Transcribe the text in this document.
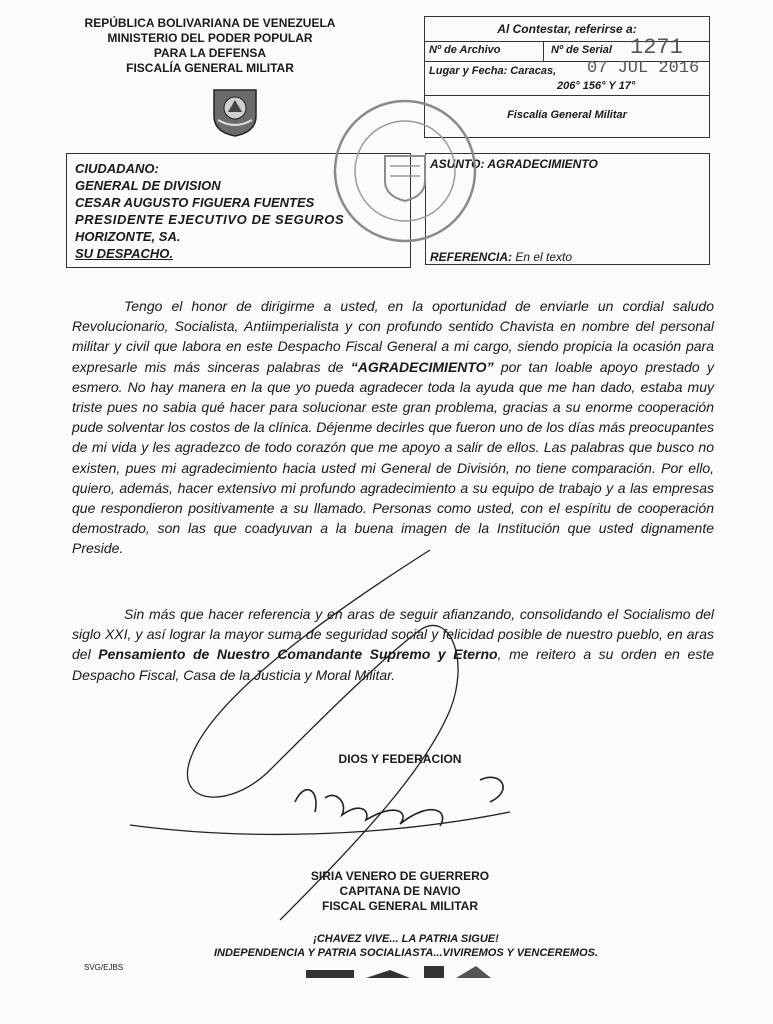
REPÚBLICA BOLIVARIANA DE VENEZUELA
MINISTERIO DEL PODER POPULAR
PARA LA DEFENSA
FISCALÍA GENERAL MILITAR
Al Contestar, referirse a:
Nº de Archivo	Nº de Serial 1271
Lugar y Fecha: Caracas, 07 JUL 2016
206° 156° Y 17°
Fiscalía General Militar
CIUDADANO:
GENERAL DE DIVISION
CESAR AUGUSTO FIGUERA FUENTES
PRESIDENTE EJECUTIVO DE SEGUROS
HORIZONTE, SA.
SU DESPACHO.
ASUNTO: AGRADECIMIENTO
REFERENCIA: En el texto

Tengo el honor de dirigirme a usted, en la oportunidad de enviarle un cordial saludo Revolucionario, Socialista, Antiimperialista y con profundo sentido Chavista en nombre del personal militar y civil que labora en este Despacho Fiscal General a mi cargo, siendo propicia la ocasión para expresarle mis más sinceras palabras de “AGRADECIMIENTO” por tan loable apoyo prestado y esmero. No hay manera en la que yo pueda agradecer toda la ayuda que me han dado, estaba muy triste pues no sabia qué hacer para solucionar este gran problema, gracias a su enorme cooperación pude solventar los costos de la clínica. Déjenme decirles que fueron uno de los días más preocupantes de mi vida y les agradezco de todo corazón que me apoyo a salir de ellos. Las palabras que busco no existen, pues mi agradecimiento hacia usted mi General de División, no tiene comparación. Por ello, quiero, además, hacer extensivo mi profundo agradecimiento a su equipo de trabajo y a las empresas que respondieron positivamente a su llamado. Personas como usted, con el espíritu de cooperación demostrado, son las que coadyuvan a la buena imagen de la Institución que usted dignamente Preside.

Sin más que hacer referencia y en aras de seguir afianzando, consolidando el Socialismo del siglo XXI, y así lograr la mayor suma de seguridad social y felicidad posible de nuestro pueblo, en aras del Pensamiento de Nuestro Comandante Supremo y Eterno, me reitero a su orden en este Despacho Fiscal, Casa de la Justicia y Moral Militar.

DIOS Y FEDERACION
SIRIA VENERO DE GUERRERO
CAPITANA DE NAVIO
FISCAL GENERAL MILITAR
¡CHAVEZ VIVE... LA PATRIA SIGUE!
INDEPENDENCIA Y PATRIA SOCIALIASTA...VIVIREMOS Y VENCEREMOS.
SVG/EJBS
